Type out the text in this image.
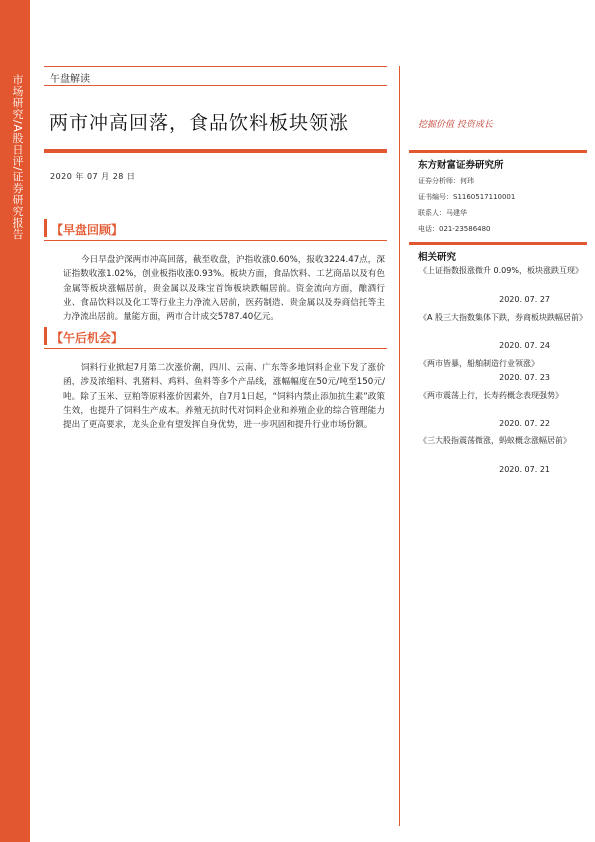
市场研究/A股日评/证券研究报告	午盘解读
两市冲高回落，食品饮料板块领涨	挖掘价值 投资成长
2020 年 07 月 28 日
【早盘回顾】
今日早盘沪深两市冲高回落，截至收盘，沪指收涨0.60%，报收3224.47点，深证指数收涨1.02%，创业板指收涨0.93%。板块方面，食品饮料、工艺商品以及有色金属等板块涨幅居前，贵金属以及珠宝首饰板块跌幅居前。资金流向方面，酿酒行业、食品饮料以及化工等行业主力净流入居前，医药制造、贵金属以及券商信托等主力净流出居前。量能方面，两市合计成交5787.40亿元。
【午后机会】
饲料行业掀起7月第二次涨价潮，四川、云南、广东等多地饲料企业下发了涨价函，涉及浓缩料、乳猪料、鸡料、鱼料等多个产品线，涨幅幅度在50元/吨至150元/吨。除了玉米、豆粕等原料涨价因素外，自7月1日起，“饲料内禁止添加抗生素”政策生效，也提升了饲料生产成本。养殖无抗时代对饲料企业和养殖企业的综合管理能力提出了更高要求，龙头企业有望发挥自身优势，进一步巩固和提升行业市场份额。
东方财富证券研究所
证券分析师：何玮
证书编号：S1160517110001
联系人：马建华
电话：021-23586480
相关研究
《上证指数报涨微升 0.09%，板块涨跌互现》
2020. 07. 27
《A 股三大指数集体下跌，券商板块跌幅居前》
2020. 07. 24
《两市皆暴，船舶制造行业领涨》
2020. 07. 23
《两市震荡上行，长寿药概念表现强势》
2020. 07. 22
《三大股指震荡微涨，蚂蚁概念涨幅居前》
2020. 07. 21
